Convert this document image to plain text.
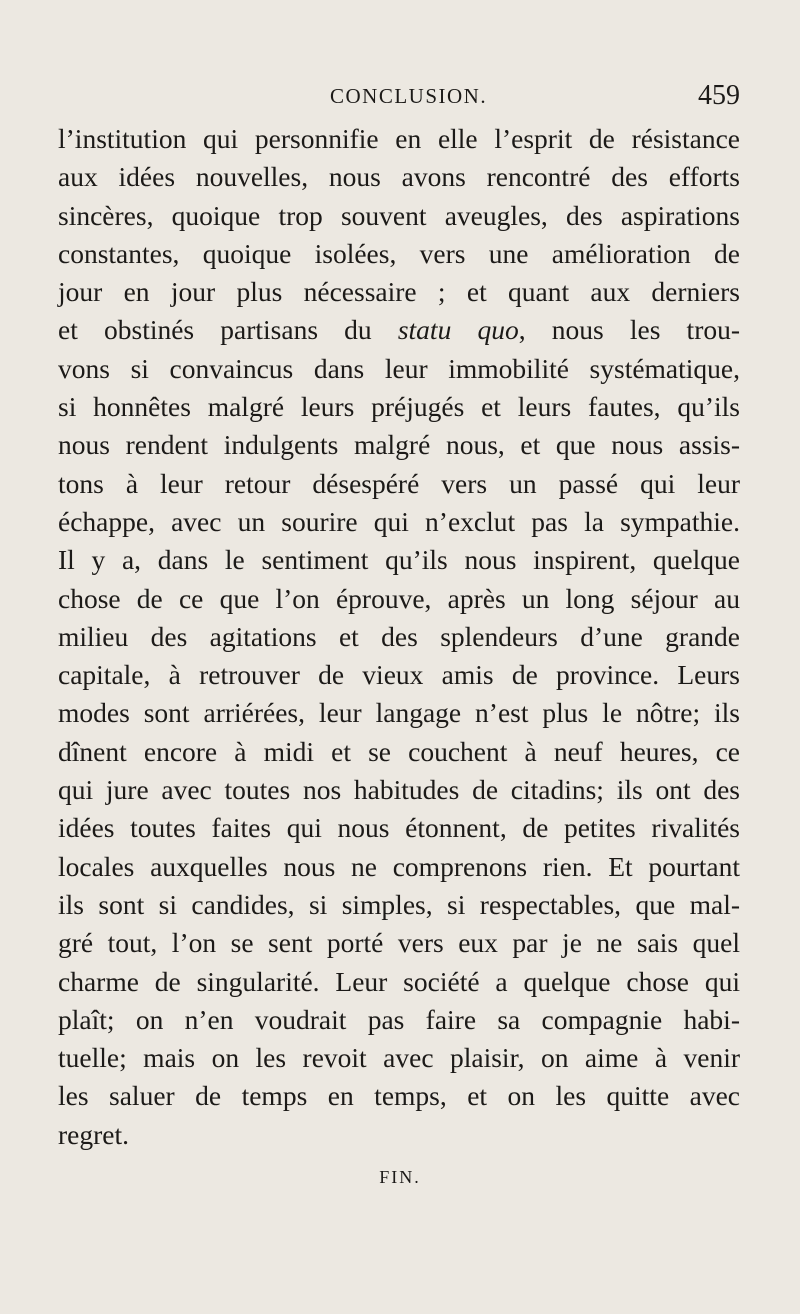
CONCLUSION.	459
l’institution qui personnifie en elle l’esprit de résistance
aux idées nouvelles, nous avons rencontré des efforts
sincères, quoique trop souvent aveugles, des aspirations
constantes, quoique isolées, vers une amélioration de
jour en jour plus nécessaire ; et quant aux derniers
et obstinés partisans du statu quo, nous les trou-
vons si convaincus dans leur immobilité systématique,
si honnêtes malgré leurs préjugés et leurs fautes, qu’ils
nous rendent indulgents malgré nous, et que nous assis-
tons à leur retour désespéré vers un passé qui leur
échappe, avec un sourire qui n’exclut pas la sympathie.
Il y a, dans le sentiment qu’ils nous inspirent, quelque
chose de ce que l’on éprouve, après un long séjour au
milieu des agitations et des splendeurs d’une grande
capitale, à retrouver de vieux amis de province. Leurs
modes sont arriérées, leur langage n’est plus le nôtre; ils
dînent encore à midi et se couchent à neuf heures, ce
qui jure avec toutes nos habitudes de citadins; ils ont des
idées toutes faites qui nous étonnent, de petites rivalités
locales auxquelles nous ne comprenons rien. Et pourtant
ils sont si candides, si simples, si respectables, que mal-
gré tout, l’on se sent porté vers eux par je ne sais quel
charme de singularité. Leur société a quelque chose qui
plaît; on n’en voudrait pas faire sa compagnie habi-
tuelle; mais on les revoit avec plaisir, on aime à venir
les saluer de temps en temps, et on les quitte avec
regret.
FIN.
